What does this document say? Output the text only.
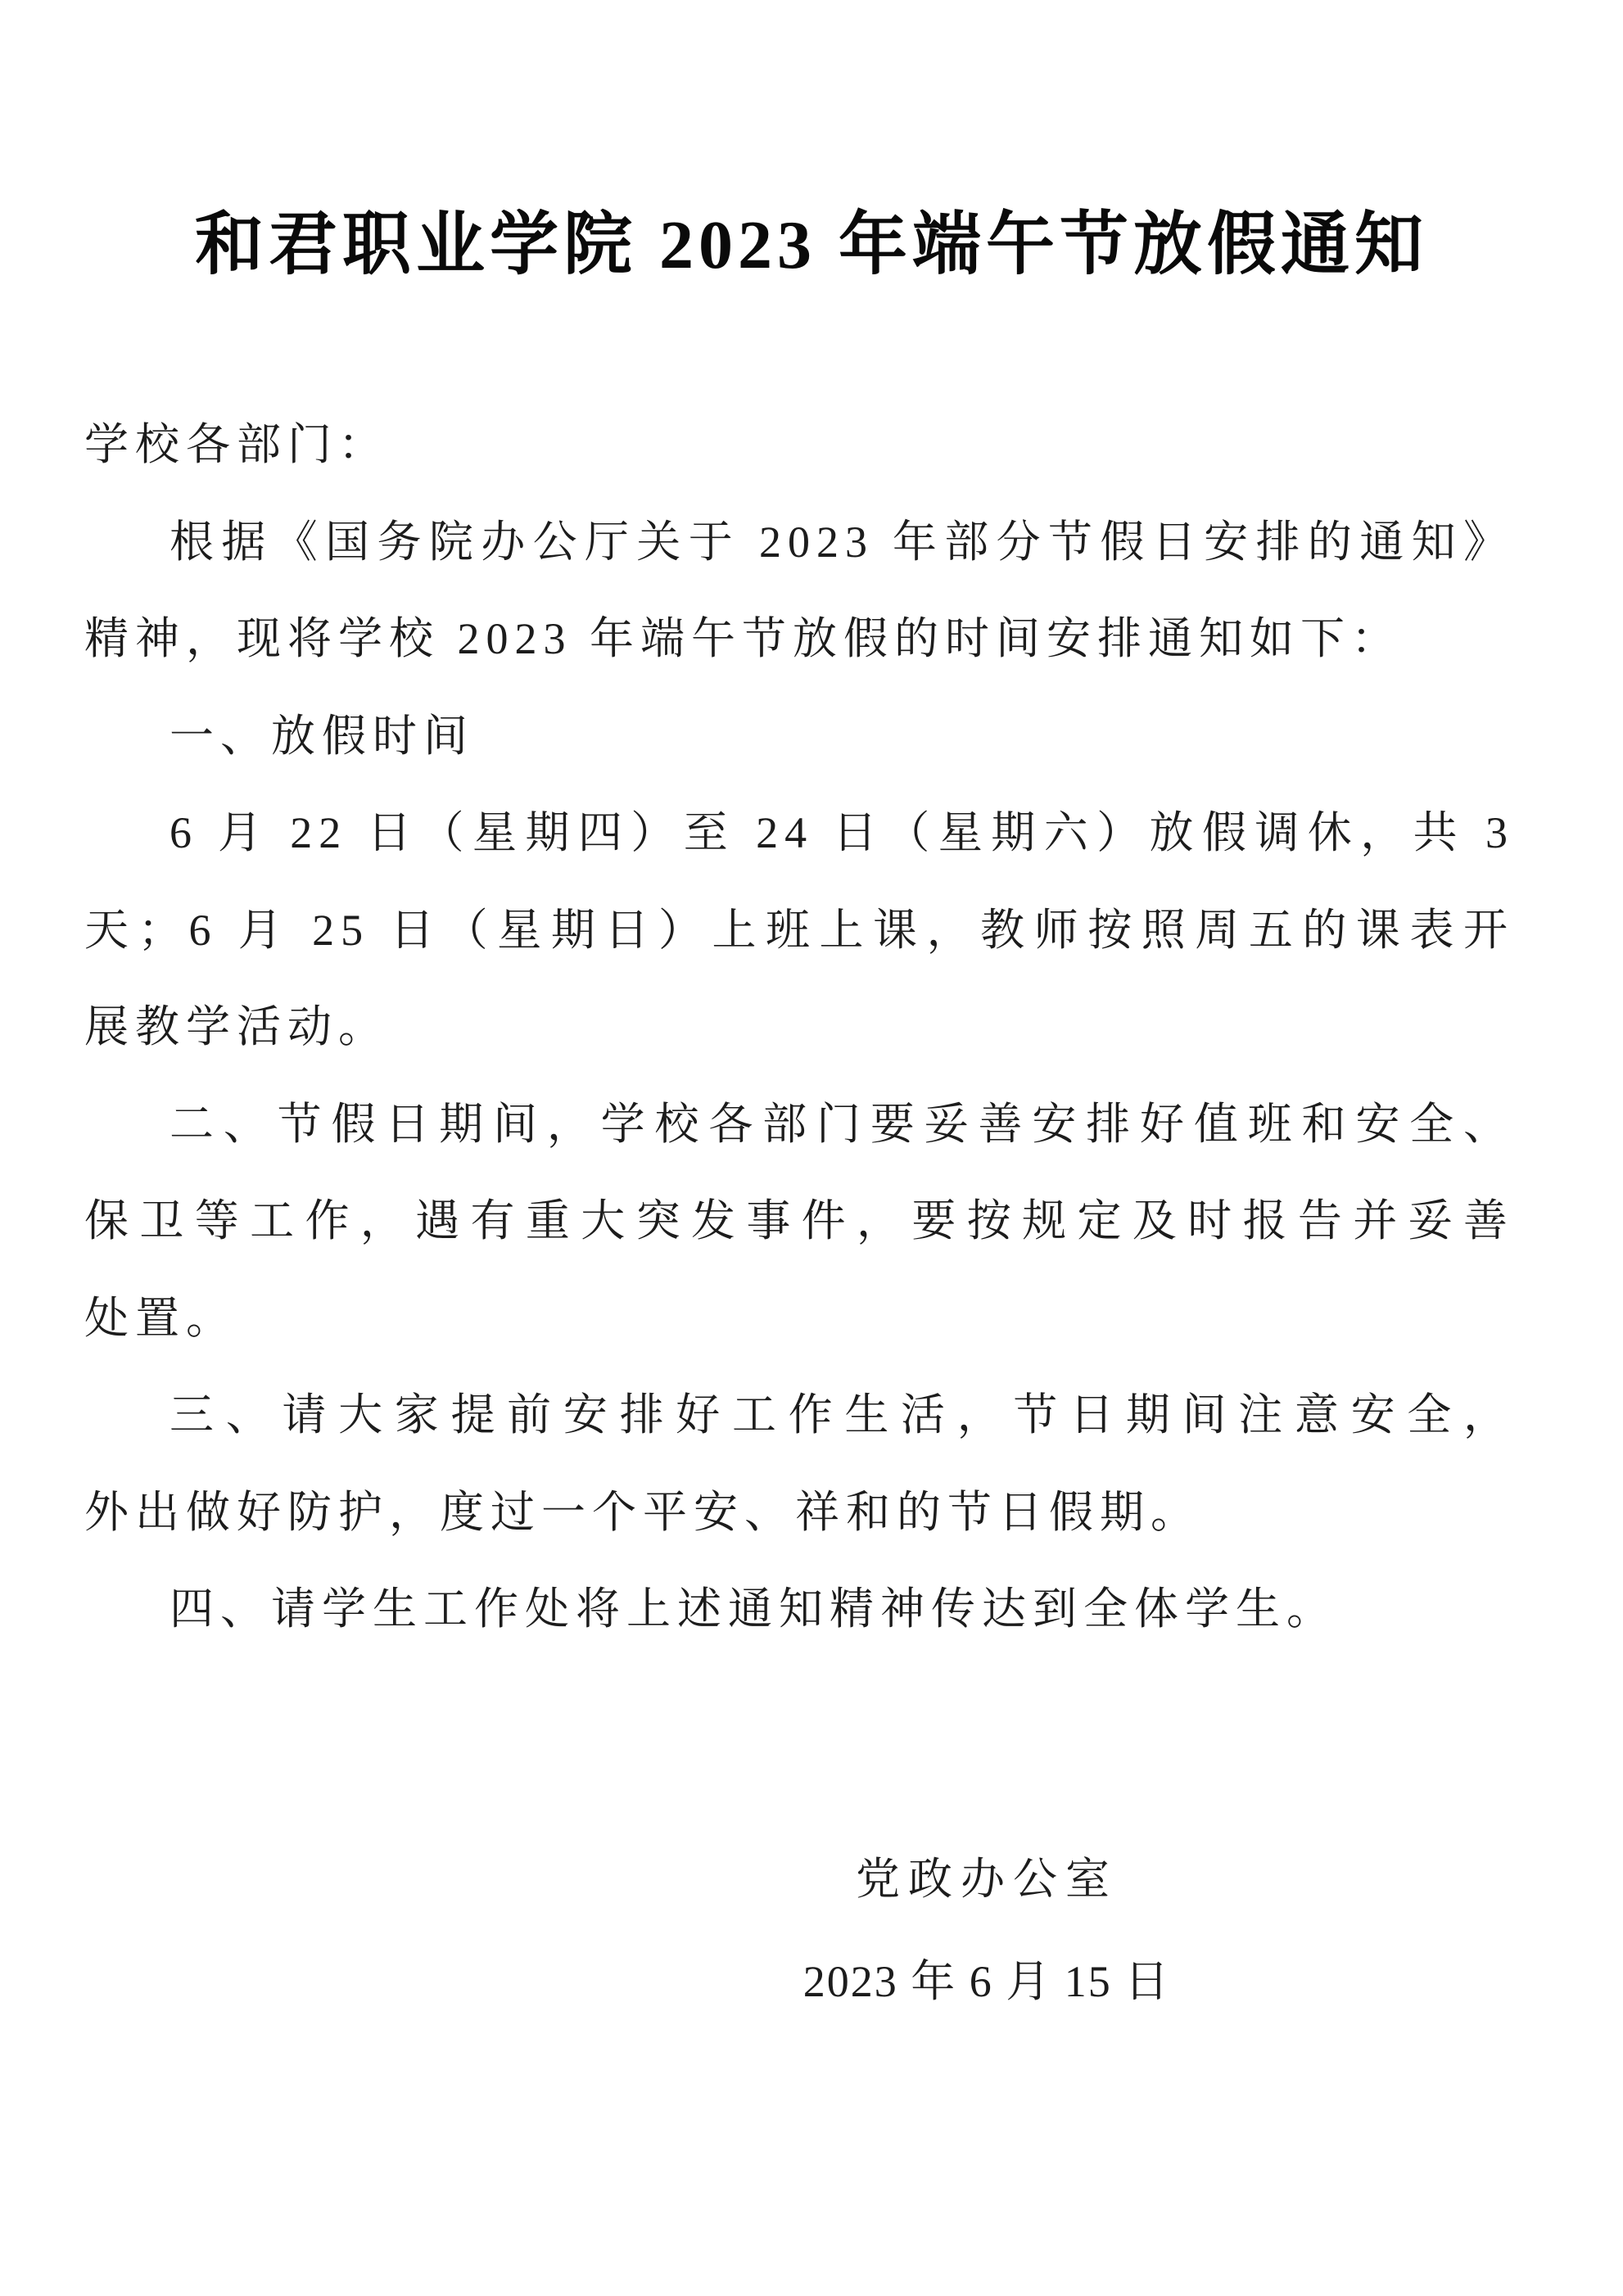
和君职业学院 2023 年端午节放假通知
学校各部门：
根据《国务院办公厅关于 2023 年部分节假日安排的通知》
精神，现将学校 2023 年端午节放假的时间安排通知如下：
一、放假时间
6 月 22 日（星期四）至 24 日（星期六）放假调休，共 3
天；6 月 25 日（星期日）上班上课，教师按照周五的课表开
展教学活动。
二、节假日期间，学校各部门要妥善安排好值班和安全、
保卫等工作，遇有重大突发事件，要按规定及时报告并妥善
处置。
三、请大家提前安排好工作生活，节日期间注意安全，
外出做好防护，度过一个平安、祥和的节日假期。
四、请学生工作处将上述通知精神传达到全体学生。
党政办公室
2023 年 6 月 15 日
